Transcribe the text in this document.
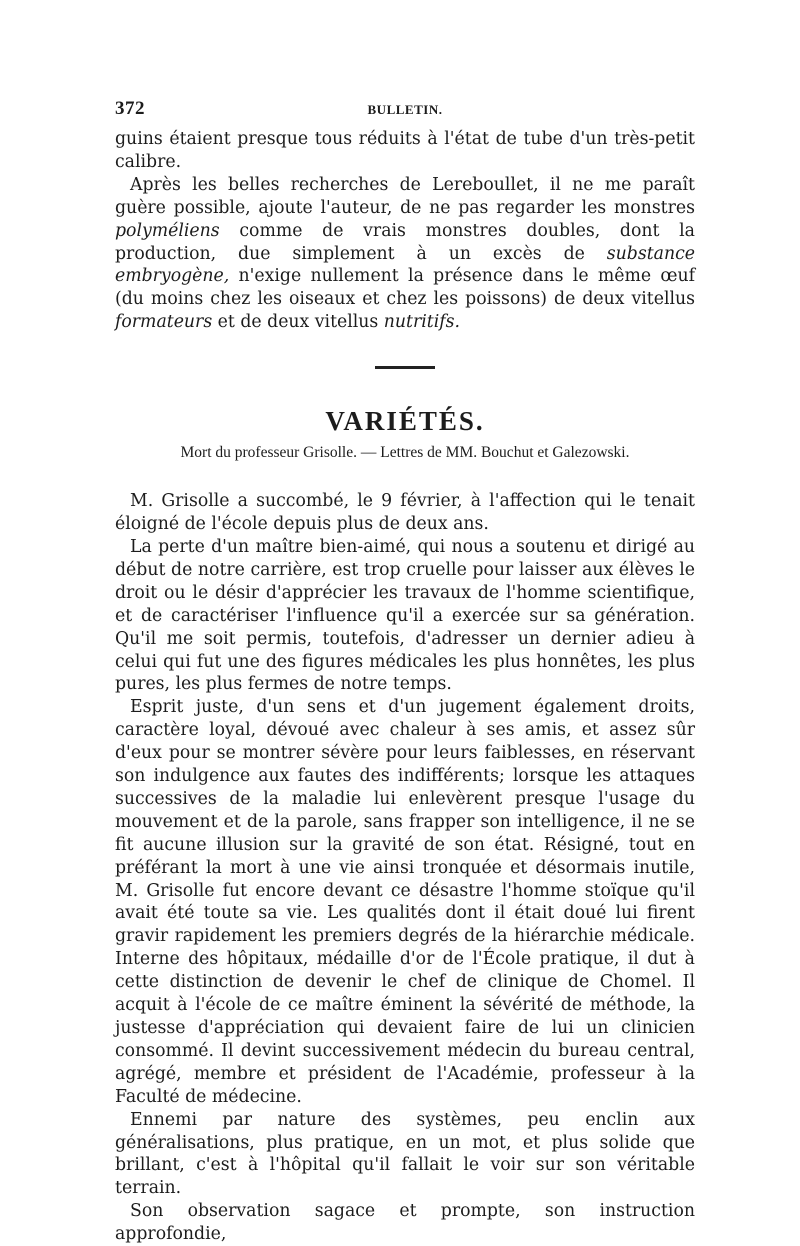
372	BULLETIN.

guins étaient presque tous réduits à l'état de tube d'un très-petit calibre.

Après les belles recherches de Lereboullet, il ne me paraît guère possible, ajoute l'auteur, de ne pas regarder les monstres polyméliens comme de vrais monstres doubles, dont la production, due simplement à un excès de substance embryogène, n'exige nullement la présence dans le même œuf (du moins chez les oiseaux et chez les poissons) de deux vitellus formateurs et de deux vitellus nutritifs.

VARIÉTÉS.
Mort du professeur Grisolle. — Lettres de MM. Bouchut et Galezowski.

M. Grisolle a succombé, le 9 février, à l'affection qui le tenait éloigné de l'école depuis plus de deux ans.

La perte d'un maître bien-aimé, qui nous a soutenu et dirigé au début de notre carrière, est trop cruelle pour laisser aux élèves le droit ou le désir d'apprécier les travaux de l'homme scientifique, et de caractériser l'influence qu'il a exercée sur sa génération. Qu'il me soit permis, toutefois, d'adresser un dernier adieu à celui qui fut une des figures médicales les plus honnêtes, les plus pures, les plus fermes de notre temps.

Esprit juste, d'un sens et d'un jugement également droits, caractère loyal, dévoué avec chaleur à ses amis, et assez sûr d'eux pour se montrer sévère pour leurs faiblesses, en réservant son indulgence aux fautes des indifférents; lorsque les attaques successives de la maladie lui enlevèrent presque l'usage du mouvement et de la parole, sans frapper son intelligence, il ne se fit aucune illusion sur la gravité de son état. Résigné, tout en préférant la mort à une vie ainsi tronquée et désormais inutile, M. Grisolle fut encore devant ce désastre l'homme stoïque qu'il avait été toute sa vie. Les qualités dont il était doué lui firent gravir rapidement les premiers degrés de la hiérarchie médicale. Interne des hôpitaux, médaille d'or de l'École pratique, il dut à cette distinction de devenir le chef de clinique de Chomel. Il acquit à l'école de ce maître éminent la sévérité de méthode, la justesse d'appréciation qui devaient faire de lui un clinicien consommé. Il devint successivement médecin du bureau central, agrégé, membre et président de l'Académie, professeur à la Faculté de médecine.

Ennemi par nature des systèmes, peu enclin aux généralisations, plus pratique, en un mot, et plus solide que brillant, c'est à l'hôpital qu'il fallait le voir sur son véritable terrain.

Son observation sagace et prompte, son instruction approfondie,
